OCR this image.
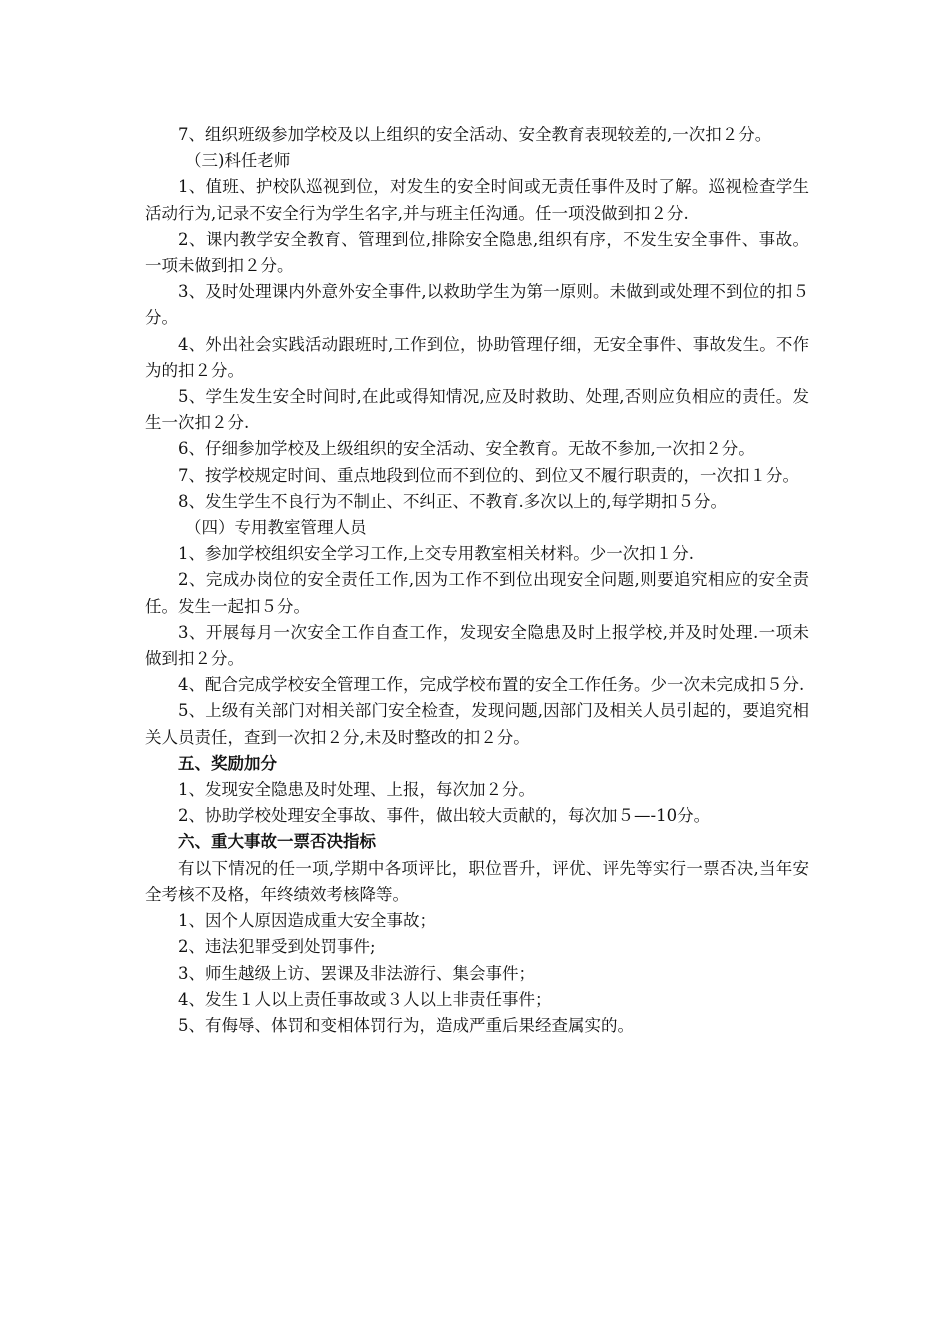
7、组织班级参加学校及以上组织的安全活动、安全教育表现较差的,一次扣２分。

（三)科任老师

1、值班、护校队巡视到位，对发生的安全时间或无责任事件及时了解。巡视检查学生活动行为,记录不安全行为学生名字,并与班主任沟通。任一项没做到扣２分.

2、课内教学安全教育、管理到位,排除安全隐患,组织有序，不发生安全事件、事故。一项未做到扣２分。

3、及时处理课内外意外安全事件,以救助学生为第一原则。未做到或处理不到位的扣５分。

4、外出社会实践活动跟班时,工作到位，协助管理仔细，无安全事件、事故发生。不作为的扣２分。

5、学生发生安全时间时,在此或得知情况,应及时救助、处理,否则应负相应的责任。发生一次扣２分.

6、仔细参加学校及上级组织的安全活动、安全教育。无故不参加,一次扣２分。

7、按学校规定时间、重点地段到位而不到位的、到位又不履行职责的，一次扣１分。

8、发生学生不良行为不制止、不纠正、不教育.多次以上的,每学期扣５分。

（四）专用教室管理人员

1、参加学校组织安全学习工作,上交专用教室相关材料。少一次扣１分.

2、完成办岗位的安全责任工作,因为工作不到位出现安全问题,则要追究相应的安全责任。发生一起扣５分。

3、开展每月一次安全工作自查工作，发现安全隐患及时上报学校,并及时处理.一项未做到扣２分。

4、配合完成学校安全管理工作，完成学校布置的安全工作任务。少一次未完成扣５分.

5、上级有关部门对相关部门安全检查，发现问题,因部门及相关人员引起的，要追究相关人员责任，查到一次扣２分,未及时整改的扣２分。

五、奖励加分

1、发现安全隐患及时处理、上报，每次加２分。

2、协助学校处理安全事故、事件，做出较大贡献的，每次加５—-10分。

六、重大事故一票否决指标

有以下情况的任一项,学期中各项评比，职位晋升，评优、评先等实行一票否决,当年安全考核不及格，年终绩效考核降等。

1、因个人原因造成重大安全事故；

2、违法犯罪受到处罚事件;

3、师生越级上访、罢课及非法游行、集会事件；

4、发生１人以上责任事故或３人以上非责任事件；

5、有侮辱、体罚和变相体罚行为，造成严重后果经查属实的。
